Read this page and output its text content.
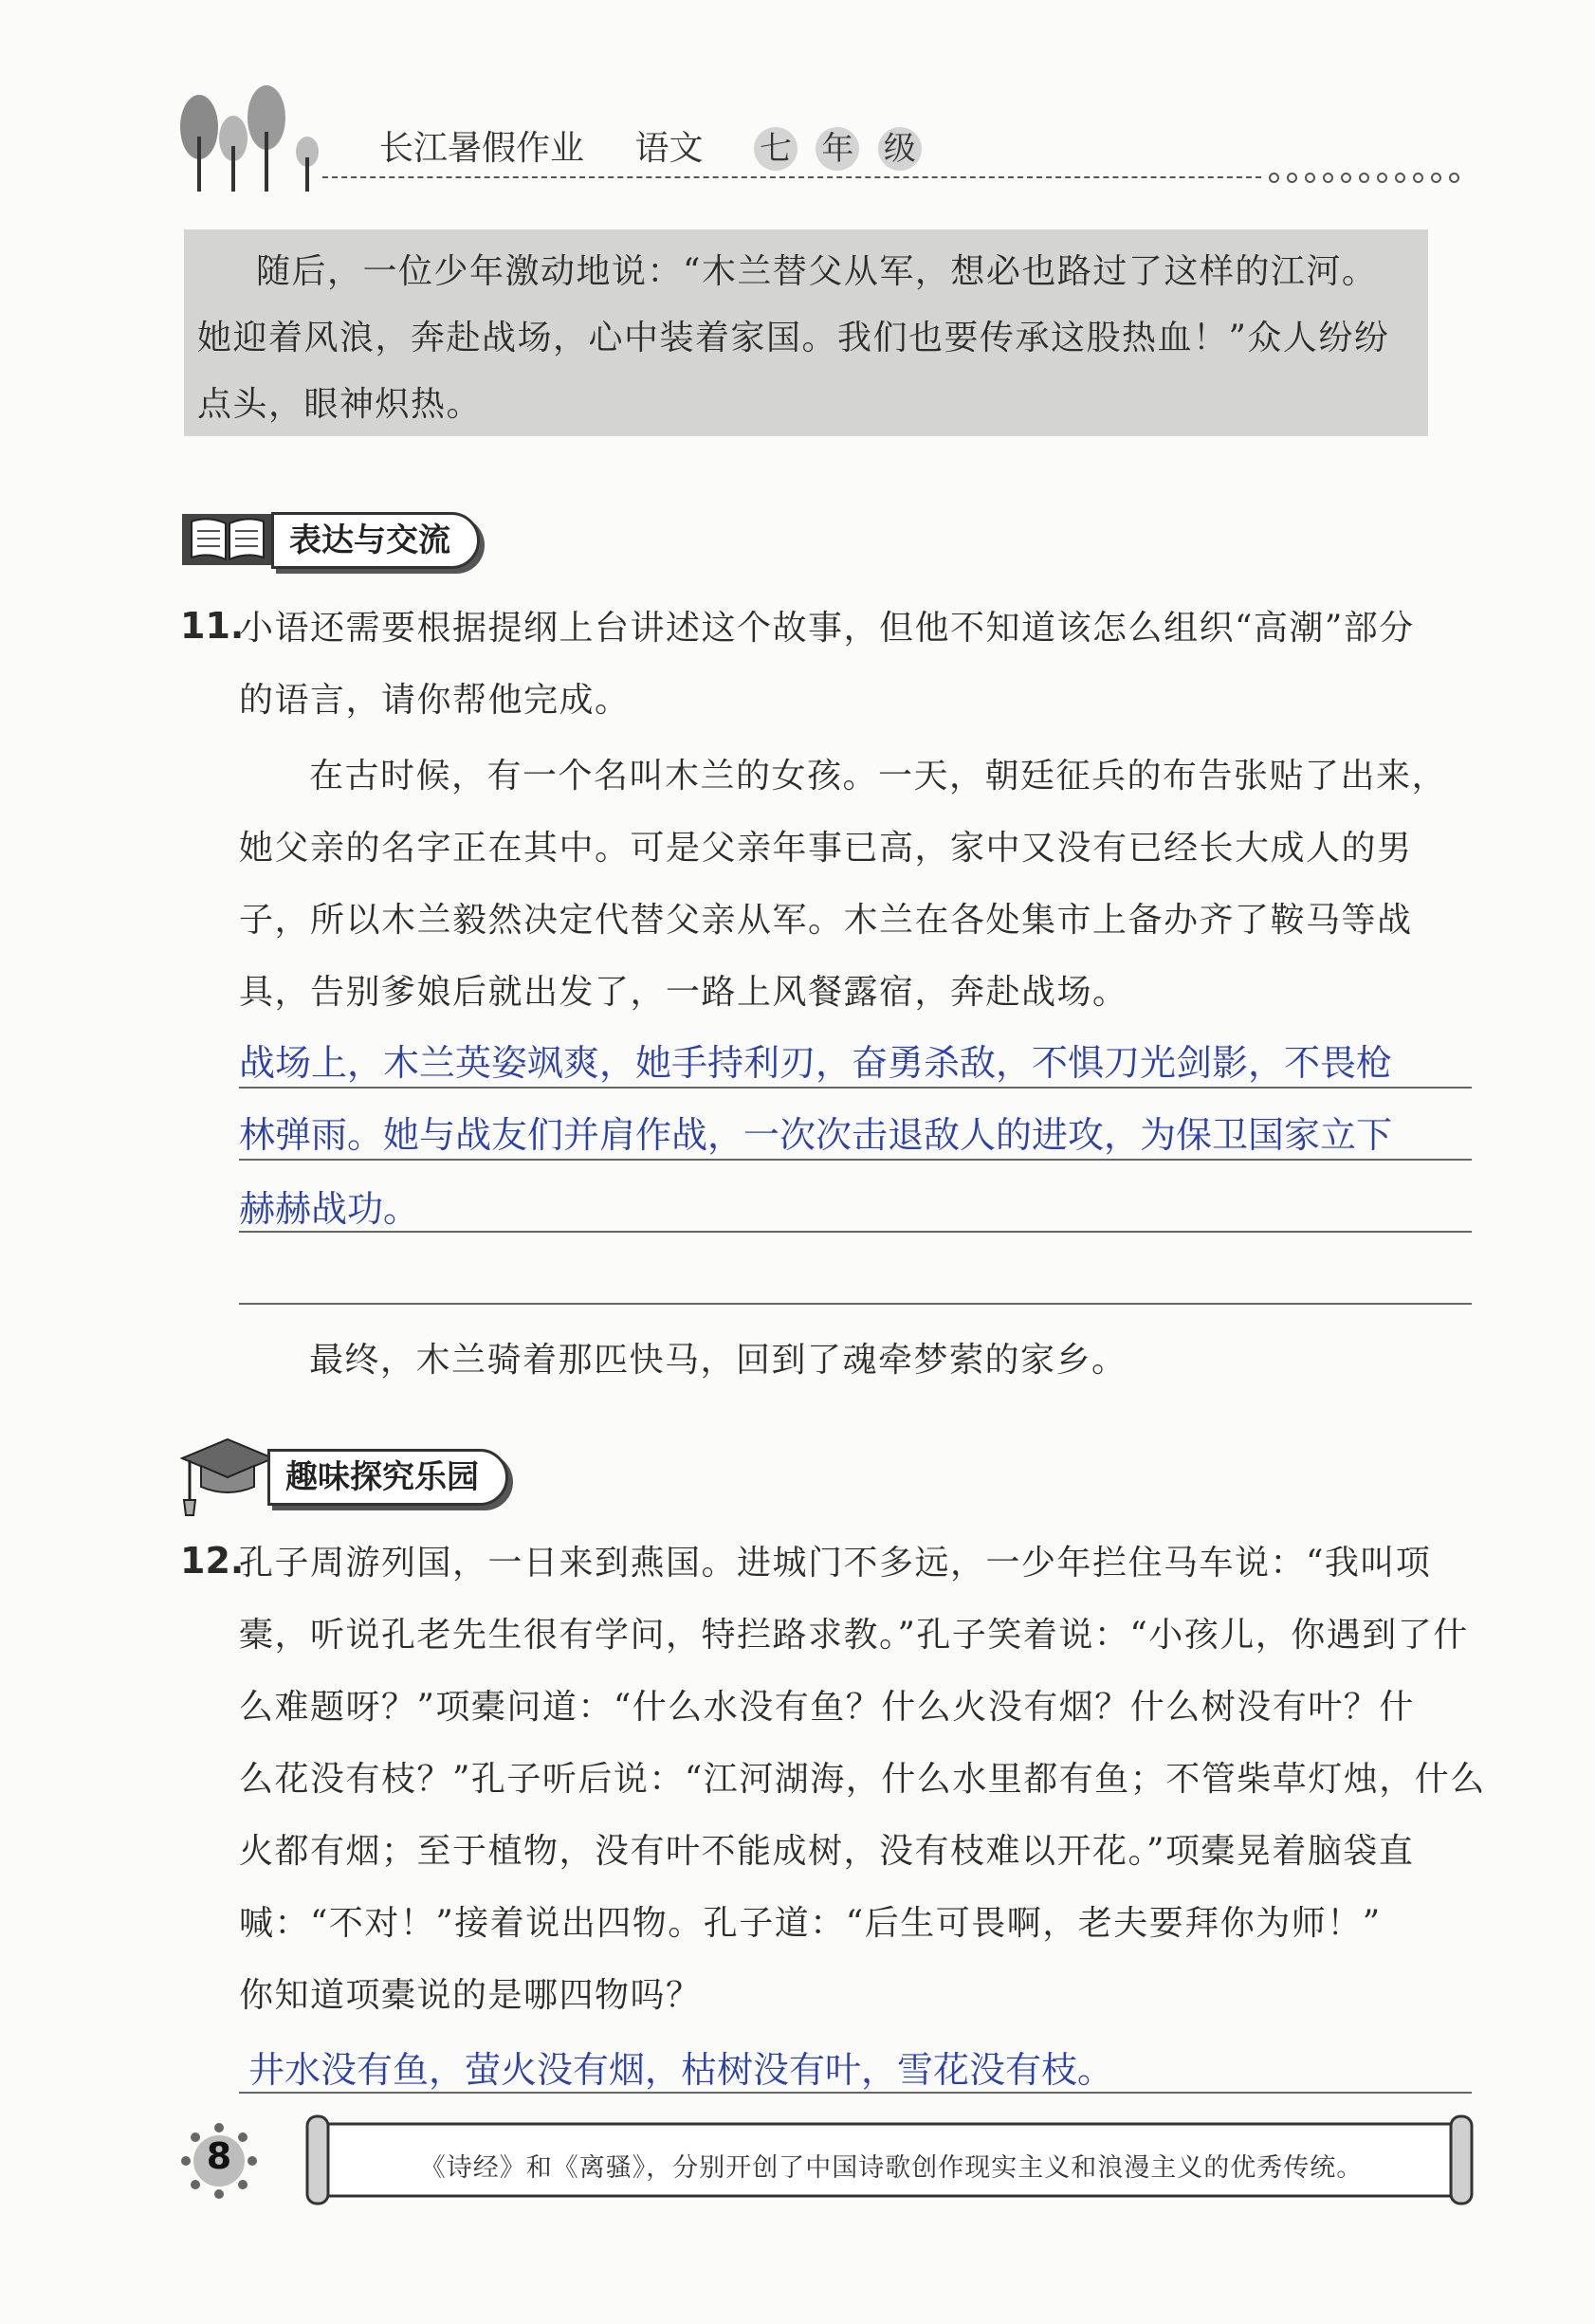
长江暑假作业 语文 七 年 级

随后，一位少年激动地说：“木兰替父从军，想必也路过了这样的江河。

她迎着风浪，奔赴战场，心中装着家国。我们也要传承这股热血！”众人纷纷

点头，眼神炽热。

表达与交流
11.
小语还需要根据提纲上台讲述这个故事，但他不知道该怎么组织“高潮”部分
的语言，请你帮他完成。
在古时候，有一个名叫木兰的女孩。一天，朝廷征兵的布告张贴了出来，
她父亲的名字正在其中。可是父亲年事已高，家中又没有已经长大成人的男
子，所以木兰毅然决定代替父亲从军。木兰在各处集市上备办齐了鞍马等战
具，告别爹娘后就出发了，一路上风餐露宿，奔赴战场。
战场上，木兰英姿飒爽，她手持利刃，奋勇杀敌，不惧刀光剑影，不畏枪
林弹雨。她与战友们并肩作战，一次次击退敌人的进攻，为保卫国家立下
赫赫战功。
最终，木兰骑着那匹快马，回到了魂牵梦萦的家乡。
趣味探究乐园
12.
孔子周游列国，一日来到燕国。进城门不多远，一少年拦住马车说：“我叫项
橐，听说孔老先生很有学问，特拦路求教。”孔子笑着说：“小孩儿，你遇到了什
么难题呀？”项橐问道：“什么水没有鱼？什么火没有烟？什么树没有叶？什
么花没有枝？”孔子听后说：“江河湖海，什么水里都有鱼；不管柴草灯烛，什么
火都有烟；至于植物，没有叶不能成树，没有枝难以开花。”项橐晃着脑袋直
喊：“不对！”接着说出四物。孔子道：“后生可畏啊，老夫要拜你为师！”
你知道项橐说的是哪四物吗？
井水没有鱼，萤火没有烟，枯树没有叶，雪花没有枝。
8	《诗经》和《离骚》，分别开创了中国诗歌创作现实主义和浪漫主义的优秀传统。
